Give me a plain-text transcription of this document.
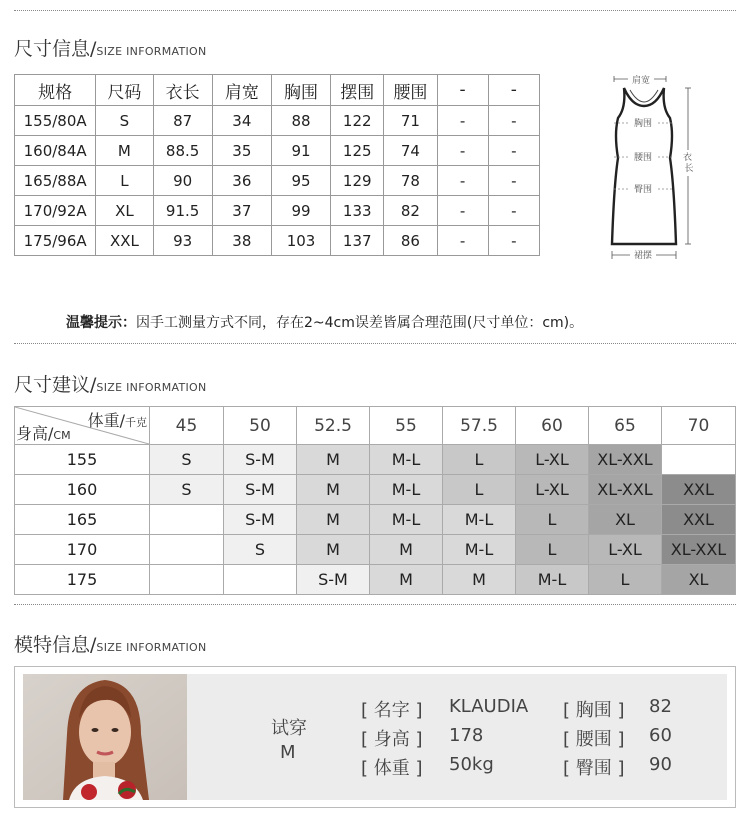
尺寸信息/SIZE INFORMATION
规格	尺码	衣长	肩宽	胸围	摆围	腰围	-	-
155/80A	S	87	34	88	122	71	-	-
160/84A	M	88.5	35	91	125	74	-	-
165/88A	L	90	36	95	129	78	-	-
170/92A	XL	91.5	37	99	133	82	-	-
175/96A	XXL	93	38	103	137	86	-	-
肩宽
胸围
腰围
臀围
裙摆
衣 长
温馨提示：因手工测量方式不同，存在2~4cm误差皆属合理范围(尺寸单位：cm)。
尺寸建议/SIZE INFORMATION
体重/千克
身高/CM	45	50	52.5	55	57.5	60	65	70
155	S	S-M	M	M-L	L	L-XL	XL-XXL	
160	S	S-M	M	M-L	L	L-XL	XL-XXL	XXL
165		S-M	M	M-L	M-L	L	XL	XXL
170		S	M	M	M-L	L	L-XL	XL-XXL
175			S-M	M	M	M-L	L	XL
模特信息/SIZE INFORMATION
试穿
M
[ 名字 ] KLAUDIA
[ 身高 ] 178
[ 体重 ] 50kg
[ 胸围 ] 82
[ 腰围 ] 60
[ 臀围 ] 90
